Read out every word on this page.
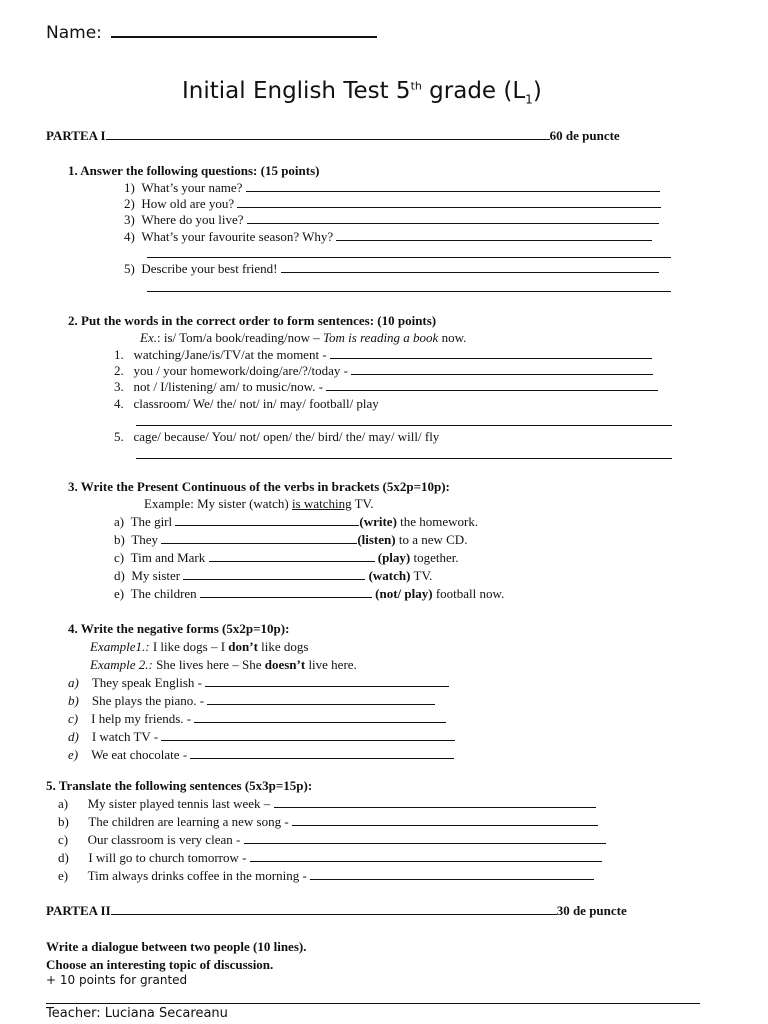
Name:
Initial English Test 5th grade $(L_1)$
PARTEA I	60 de puncte
1. Answer the following questions: (15 points)
1) What’s your name?
2) How old are you?
3) Where do you live?
4) What’s your favourite season? Why?
5) Describe your best friend!
2. Put the words in the correct order to form sentences: (10 points)
Ex.: is/ Tom/a book/reading/now – Tom is reading a book now.
1. watching/Jane/is/TV/at the moment -
2. you / your homework/doing/are/?/today -
3. not / I/listening/ am/ to music/now. -
4. classroom/ We/ the/ not/ in/ may/ football/ play
5. cage/ because/ You/ not/ open/ the/ bird/ the/ may/ will/ fly
3. Write the Present Continuous of the verbs in brackets (5x2p=10p):
Example: My sister (watch) is watching TV.
a) The girl	(write) the homework.
b) They	(listen) to a new CD.
c) Tim and Mark	(play) together.
d) My sister	(watch) TV.
e) The children	(not/ play) football now.
4. Write the negative forms (5x2p=10p):
Example1.: I like dogs – I don’t like dogs
Example 2.: She lives here – She doesn’t live here.
a) They speak English -
b) She plays the piano. -
c) I help my friends. -
d) I watch TV -
e) We eat chocolate -
5. Translate the following sentences (5x3p=15p):
a) My sister played tennis last week –
b) The children are learning a new song -
c) Our classroom is very clean -
d) I will go to church tomorrow -
e) Tim always drinks coffee in the morning -
PARTEA II	30 de puncte
Write a dialogue between two people (10 lines).
Choose an interesting topic of discussion.
+ 10 points for granted
Teacher: Luciana Secareanu
